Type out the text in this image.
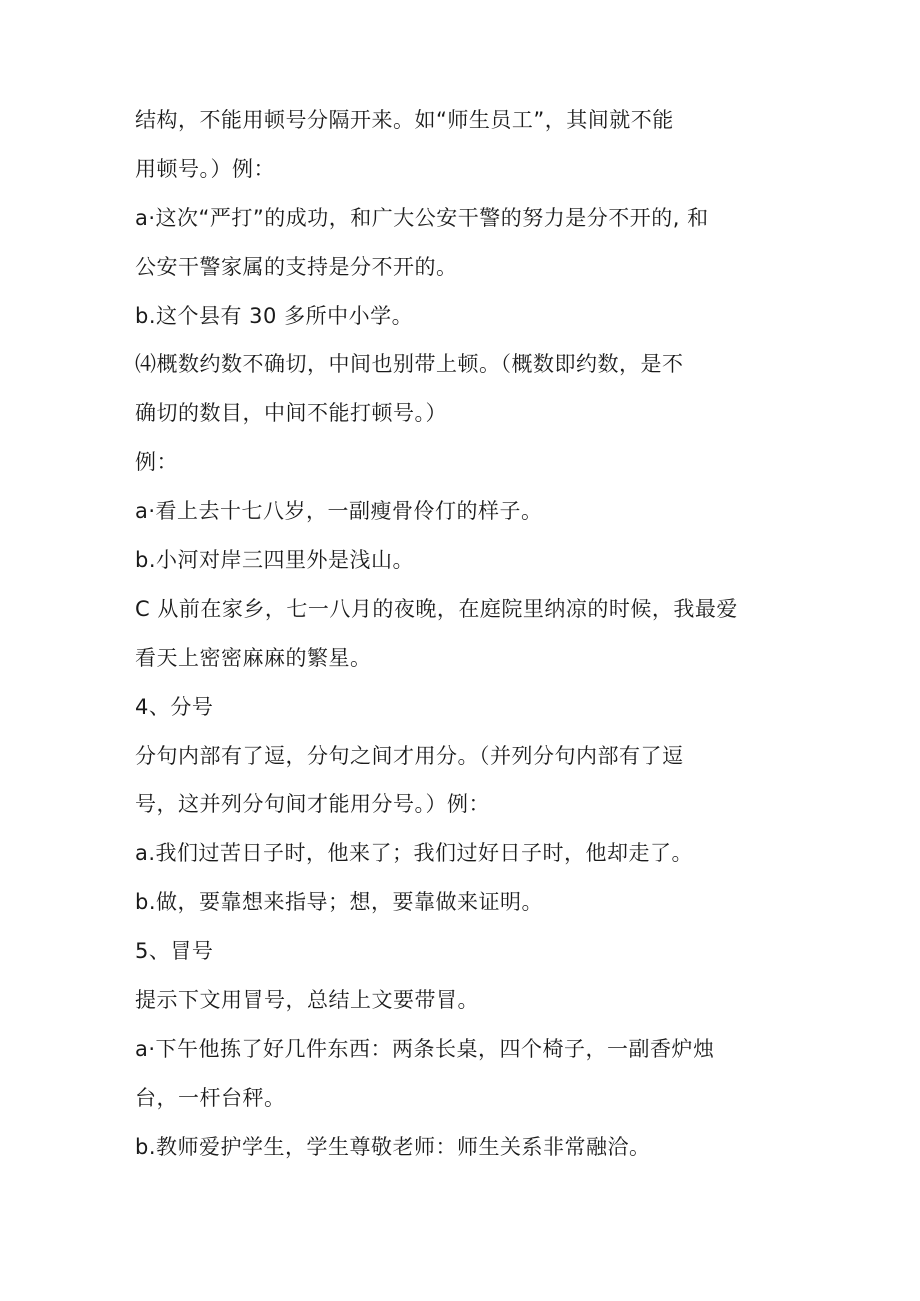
结构，不能用顿号分隔开来。如“师生员工”，其间就不能
用顿号。）例：
a·这次“严打”的成功，和广大公安干警的努力是分不开的, 和
公安干警家属的支持是分不开的。
b.这个县有 30 多所中小学。
⑷概数约数不确切，中间也别带上顿。（概数即约数，是不
确切的数目，中间不能打顿号。）
例：
a·看上去十七八岁，一副瘦骨伶仃的样子。
b.小河对岸三四里外是浅山。
C 从前在家乡，七一八月的夜晚，在庭院里纳凉的时候，我最爱
看天上密密麻麻的繁星。
4、分号
分句内部有了逗，分句之间才用分。（并列分句内部有了逗
号，这并列分句间才能用分号。）例：
a.我们过苦日子时，他来了；我们过好日子时，他却走了。
b.做，要靠想来指导；想，要靠做来证明。
5、冒号
提示下文用冒号，总结上文要带冒。
a·下午他拣了好几件东西：两条长桌，四个椅子，一副香炉烛
台，一杆台秤。
b.教师爱护学生，学生尊敬老师：师生关系非常融洽。
